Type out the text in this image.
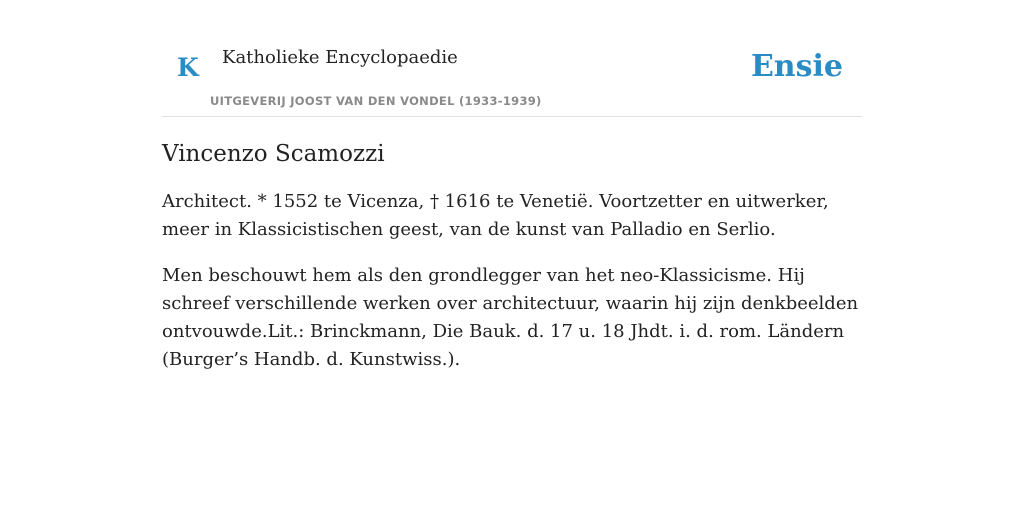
K Katholieke Encyclopaedie
UITGEVERIJ JOOST VAN DEN VONDEL (1933-1939)
Ensie
Vincenzo Scamozzi

Architect. * 1552 te Vicenza, † 1616 te Venetië. Voortzetter en uitwerker, meer in Klassicistischen geest, van de kunst van Palladio en Serlio.

Men beschouwt hem als den grondlegger van het neo-Klassicisme. Hij schreef verschillende werken over architectuur, waarin hij zijn denkbeelden ontvouwde.Lit.: Brinckmann, Die Bauk. d. 17 u. 18 Jhdt. i. d. rom. Ländern (Burger’s Handb. d. Kunstwiss.).
